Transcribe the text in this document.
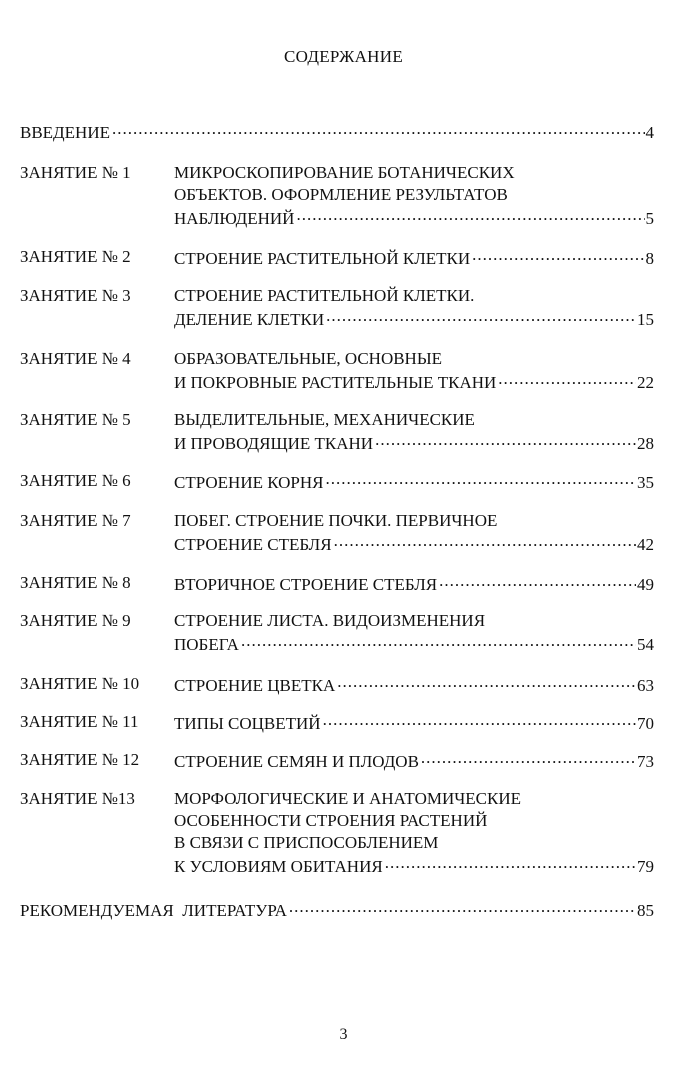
СОДЕРЖАНИЕ
ВВЕДЕНИЕ .....	4
ЗАНЯТИЕ № 1	МИКРОСКОПИРОВАНИЕ БОТАНИЧЕСКИХ
ОБЪЕКТОВ. ОФОРМЛЕНИЕ РЕЗУЛЬТАТОВ
НАБЛЮДЕНИЙ .....	5
ЗАНЯТИЕ № 2	СТРОЕНИЕ РАСТИТЕЛЬНОЙ КЛЕТКИ .....	8
ЗАНЯТИЕ № 3	СТРОЕНИЕ РАСТИТЕЛЬНОЙ КЛЕТКИ.
ДЕЛЕНИЕ КЛЕТКИ .....	15
ЗАНЯТИЕ № 4	ОБРАЗОВАТЕЛЬНЫЕ, ОСНОВНЫЕ
И ПОКРОВНЫЕ РАСТИТЕЛЬНЫЕ ТКАНИ .....	22
ЗАНЯТИЕ № 5	ВЫДЕЛИТЕЛЬНЫЕ, МЕХАНИЧЕСКИЕ
И ПРОВОДЯЩИЕ ТКАНИ .....	28
ЗАНЯТИЕ № 6	СТРОЕНИЕ КОРНЯ .....	35
ЗАНЯТИЕ № 7	ПОБЕГ. СТРОЕНИЕ ПОЧКИ. ПЕРВИЧНОЕ
СТРОЕНИЕ СТЕБЛЯ .....	42
ЗАНЯТИЕ № 8	ВТОРИЧНОЕ СТРОЕНИЕ СТЕБЛЯ .....	49
ЗАНЯТИЕ № 9	СТРОЕНИЕ ЛИСТА. ВИДОИЗМЕНЕНИЯ
ПОБЕГА .....	54
ЗАНЯТИЕ № 10 СТРОЕНИЕ ЦВЕТКА .....	63
ЗАНЯТИЕ № 11 ТИПЫ СОЦВЕТИЙ .....	70
ЗАНЯТИЕ № 12 СТРОЕНИЕ СЕМЯН И ПЛОДОВ .....	73
ЗАНЯТИЕ №13 МОРФОЛОГИЧЕСКИЕ И АНАТОМИЧЕСКИЕ
ОСОБЕННОСТИ СТРОЕНИЯ РАСТЕНИЙ
В СВЯЗИ С ПРИСПОСОБЛЕНИЕМ
К УСЛОВИЯМ ОБИТАНИЯ .....	79
РЕКОМЕНДУЕМАЯ  ЛИТЕРАТУРА .....	85
3
